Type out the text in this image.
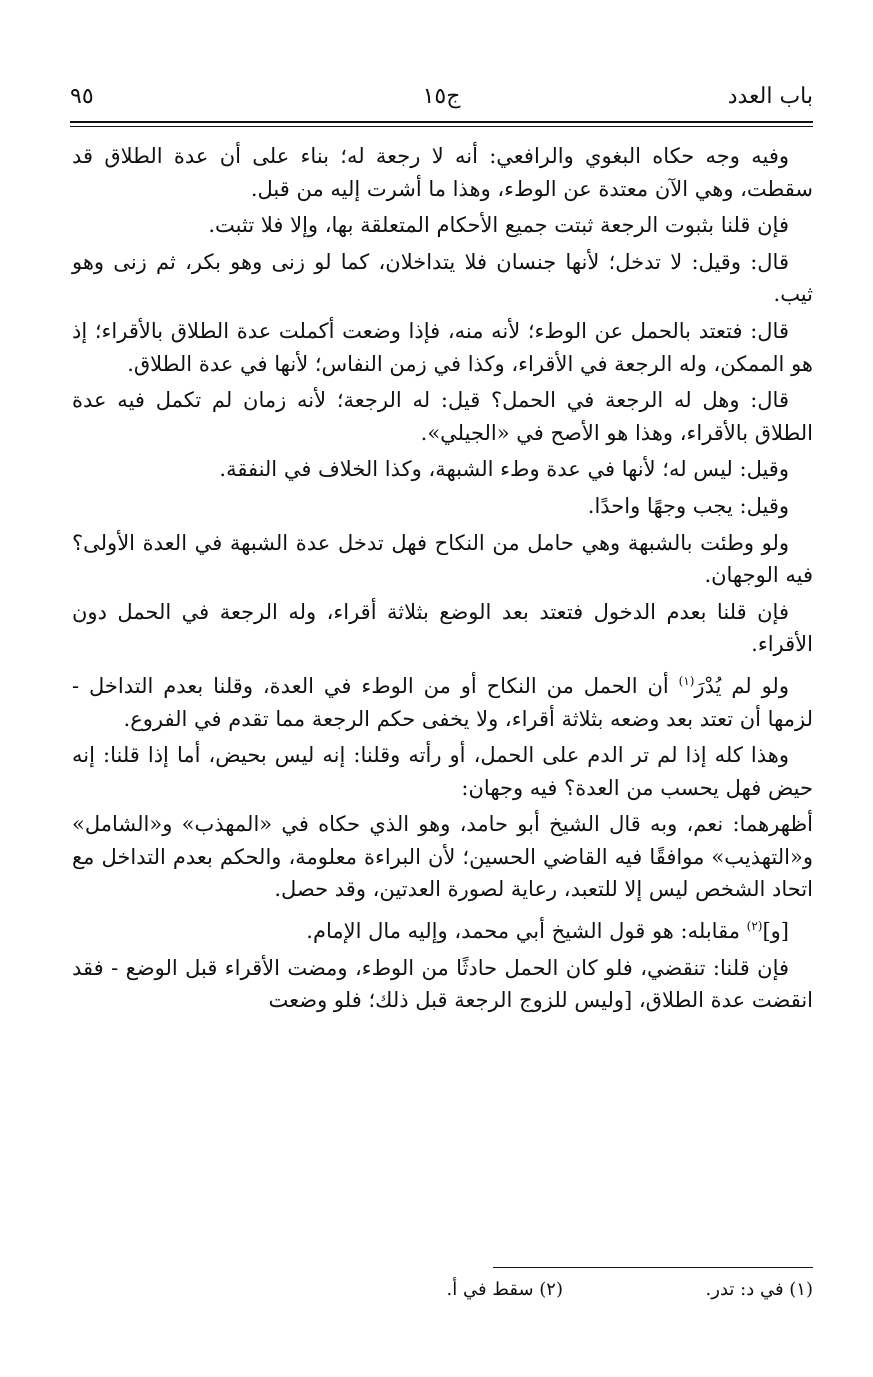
باب العدد
ج١٥
٩٥

وفيه وجه حكاه البغوي والرافعي: أنه لا رجعة له؛ بناء على أن عدة الطلاق قد سقطت، وهي الآن معتدة عن الوطء، وهذا ما أشرت إليه من قبل.

فإن قلنا بثبوت الرجعة ثبتت جميع الأحكام المتعلقة بها، وإلا فلا تثبت.

قال: وقيل: لا تدخل؛ لأنها جنسان فلا يتداخلان، كما لو زنى وهو بكر، ثم زنى وهو ثيب.

قال: فتعتد بالحمل عن الوطء؛ لأنه منه، فإذا وضعت أكملت عدة الطلاق بالأقراء؛ إذ هو الممكن، وله الرجعة في الأقراء، وكذا في زمن النفاس؛ لأنها في عدة الطلاق.

قال: وهل له الرجعة في الحمل؟ قيل: له الرجعة؛ لأنه زمان لم تكمل فيه عدة الطلاق بالأقراء، وهذا هو الأصح في «الجيلي».

وقيل: ليس له؛ لأنها في عدة وطء الشبهة، وكذا الخلاف في النفقة.

وقيل: يجب وجهًا واحدًا.

ولو وطئت بالشبهة وهي حامل من النكاح فهل تدخل عدة الشبهة في العدة الأولى؟ فيه الوجهان.

فإن قلنا بعدم الدخول فتعتد بعد الوضع بثلاثة أقراء، وله الرجعة في الحمل دون الأقراء.

ولو لم يُدْرَ$^{(١)}$ أن الحمل من النكاح أو من الوطء في العدة، وقلنا بعدم التداخل - لزمها أن تعتد بعد وضعه بثلاثة أقراء، ولا يخفى حكم الرجعة مما تقدم في الفروع.

وهذا كله إذا لم تر الدم على الحمل، أو رأته وقلنا: إنه ليس بحيض، أما إذا قلنا: إنه حيض فهل يحسب من العدة؟ فيه وجهان:

أظهرهما: نعم، وبه قال الشيخ أبو حامد، وهو الذي حكاه في «المهذب» و«الشامل» و«التهذيب» موافقًا فيه القاضي الحسين؛ لأن البراءة معلومة، والحكم بعدم التداخل مع اتحاد الشخص ليس إلا للتعبد، رعاية لصورة العدتين، وقد حصل.

[و]$^{(٢)}$ مقابله: هو قول الشيخ أبي محمد، وإليه مال الإمام.

فإن قلنا: تنقضي، فلو كان الحمل حادثًا من الوطء، ومضت الأقراء قبل الوضع - فقد انقضت عدة الطلاق، [وليس للزوج الرجعة قبل ذلك؛ فلو وضعت

(١) في د: تدر.
(٢) سقط في أ.
